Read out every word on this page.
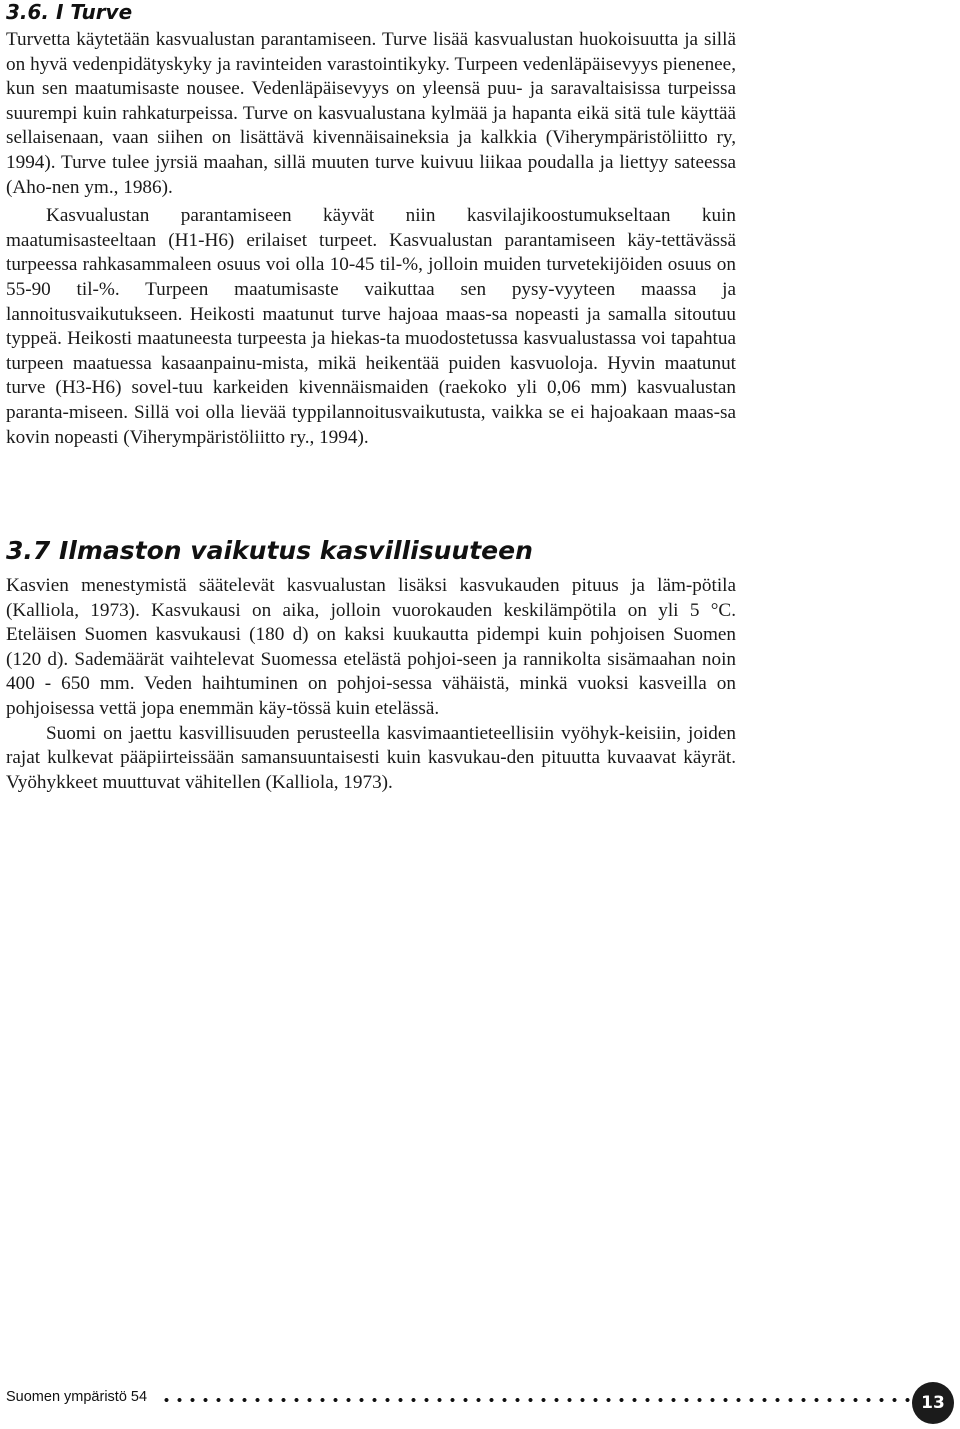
3.6. I Turve

Turvetta käytetään kasvualustan parantamiseen. Turve lisää kasvualustan huokoisuutta ja sillä on hyvä vedenpidätyskyky ja ravinteiden varastointikyky. Turpeen vedenläpäisevyys pienenee, kun sen maatumisaste nousee. Vedenläpäisevyys on yleensä puu- ja saravaltaisissa turpeissa suurempi kuin rahkaturpeissa. Turve on kasvualustana kylmää ja hapanta eikä sitä tule käyttää sellaisenaan, vaan siihen on lisättävä kivennäisaineksia ja kalkkia (Viherympäristöliitto ry, 1994). Turve tulee jyrsiä maahan, sillä muuten turve kuivuu liikaa poudalla ja liettyy sateessa (Aho-nen ym., 1986).

Kasvualustan parantamiseen käyvät niin kasvilajikoostumukseltaan kuin maatumisasteeltaan (H1-H6) erilaiset turpeet. Kasvualustan parantamiseen käy-tettävässä turpeessa rahkasammaleen osuus voi olla 10-45 til-%, jolloin muiden turvetekijöiden osuus on 55-90 til-%. Turpeen maatumisaste vaikuttaa sen pysy-vyyteen maassa ja lannoitusvaikutukseen. Heikosti maatunut turve hajoaa maas-sa nopeasti ja samalla sitoutuu typpeä. Heikosti maatuneesta turpeesta ja hiekas-ta muodostetussa kasvualustassa voi tapahtua turpeen maatuessa kasaanpainu-mista, mikä heikentää puiden kasvuoloja. Hyvin maatunut turve (H3-H6) sovel-tuu karkeiden kivennäismaiden (raekoko yli 0,06 mm) kasvualustan paranta-miseen. Sillä voi olla lievää typpilannoitusvaikutusta, vaikka se ei hajoakaan maas-sa kovin nopeasti (Viherympäristöliitto ry., 1994).

3.7 Ilmaston vaikutus kasvillisuuteen

Kasvien menestymistä säätelevät kasvualustan lisäksi kasvukauden pituus ja läm-pötila (Kalliola, 1973). Kasvukausi on aika, jolloin vuorokauden keskilämpötila on yli 5 °C. Eteläisen Suomen kasvukausi (180 d) on kaksi kuukautta pidempi kuin pohjoisen Suomen (120 d). Sademäärät vaihtelevat Suomessa etelästä pohjoi-seen ja rannikolta sisämaahan noin 400 - 650 mm. Veden haihtuminen on pohjoi-sessa vähäistä, minkä vuoksi kasveilla on pohjoisessa vettä jopa enemmän käy-tössä kuin etelässä.

Suomi on jaettu kasvillisuuden perusteella kasvimaantieteellisiin vyöhyk-keisiin, joiden rajat kulkevat pääpiirteissään samansuuntaisesti kuin kasvukau-den pituutta kuvaavat käyrät. Vyöhykkeet muuttuvat vähitellen (Kalliola, 1973).

Suomen ympäristö 54	13
